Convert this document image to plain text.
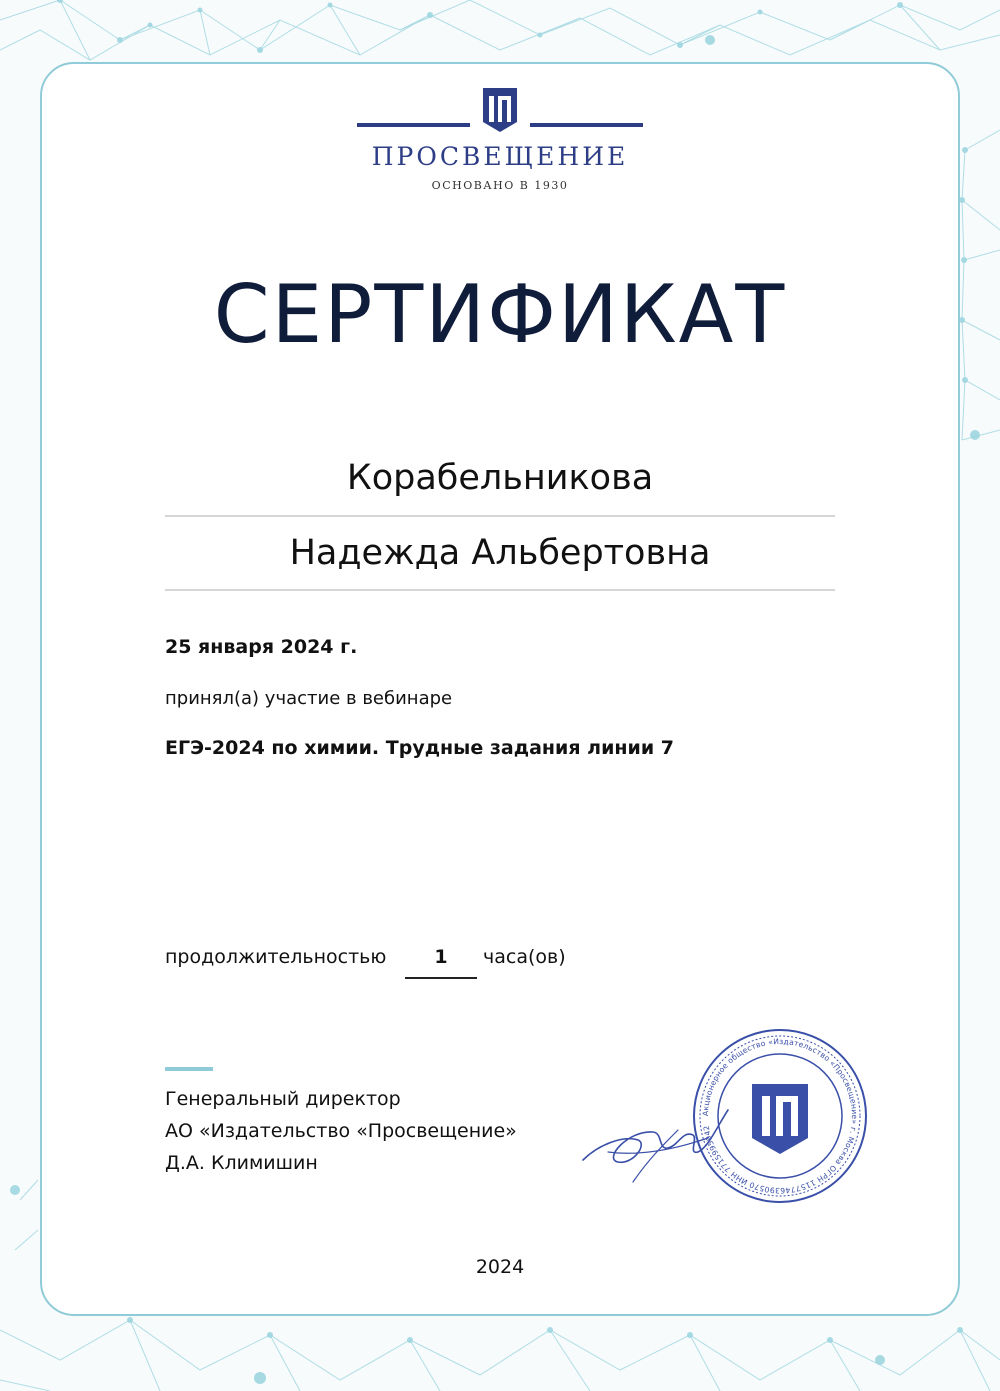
ПРОСВЕЩЕНИЕ
ОСНОВАНО В 1930
СЕРТИФИКАТ
Корабельникова
Надежда Альбертовна
25 января 2024 г.
принял(а) участие в вебинаре
ЕГЭ-2024 по химии. Трудные задания линии 7
продолжительностью	1	часа(ов)
Генеральный директор
АО «Издательство «Просвещение»
Д.А. Климишин
Акционерное общество «Издательство «Просвещение» г. Москва ОГРН 1157746390570 ИНН 7715995942
2024
